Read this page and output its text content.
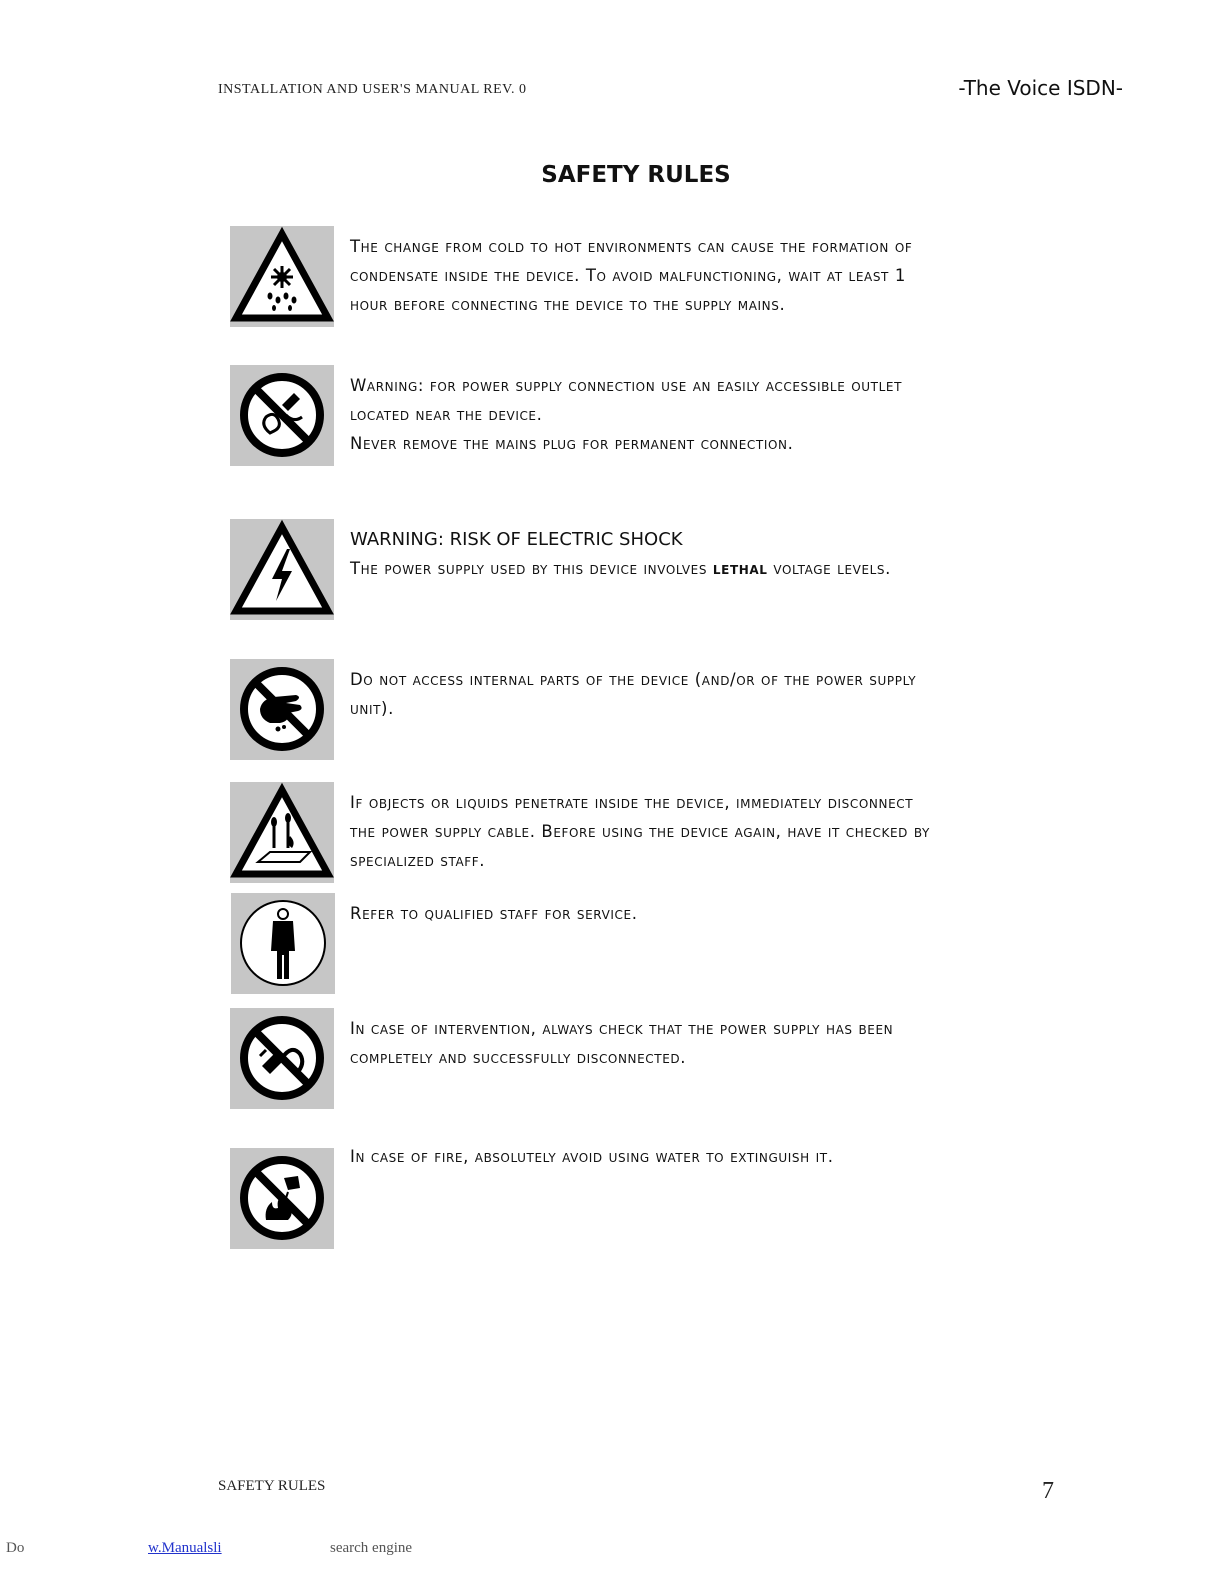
INSTALLATION AND USER'S MANUAL REV. 0	-The Voice ISDN-
SAFETY RULES
The change from cold to hot environments can cause the formation of
condensate inside the device. To avoid malfunctioning, wait at least 1
hour before connecting the device to the supply mains.
Warning: for power supply connection use an easily accessible outlet
located near the device.
Never remove the mains plug for permanent connection.
WARNING: RISK OF ELECTRIC SHOCK
The power supply used by this device involves lethal voltage levels.
Do not access internal parts of the device (and/or of the power supply
unit).
If objects or liquids penetrate inside the device, immediately disconnect
the power supply cable. Before using the device again, have it checked by
specialized staff.
Refer to qualified staff for service.
In case of intervention, always check that the power supply has been
completely and successfully disconnected.
In case of fire, absolutely avoid using water to extinguish it.
SAFETY RULES	7
Do	w.Manualsli	search engine
